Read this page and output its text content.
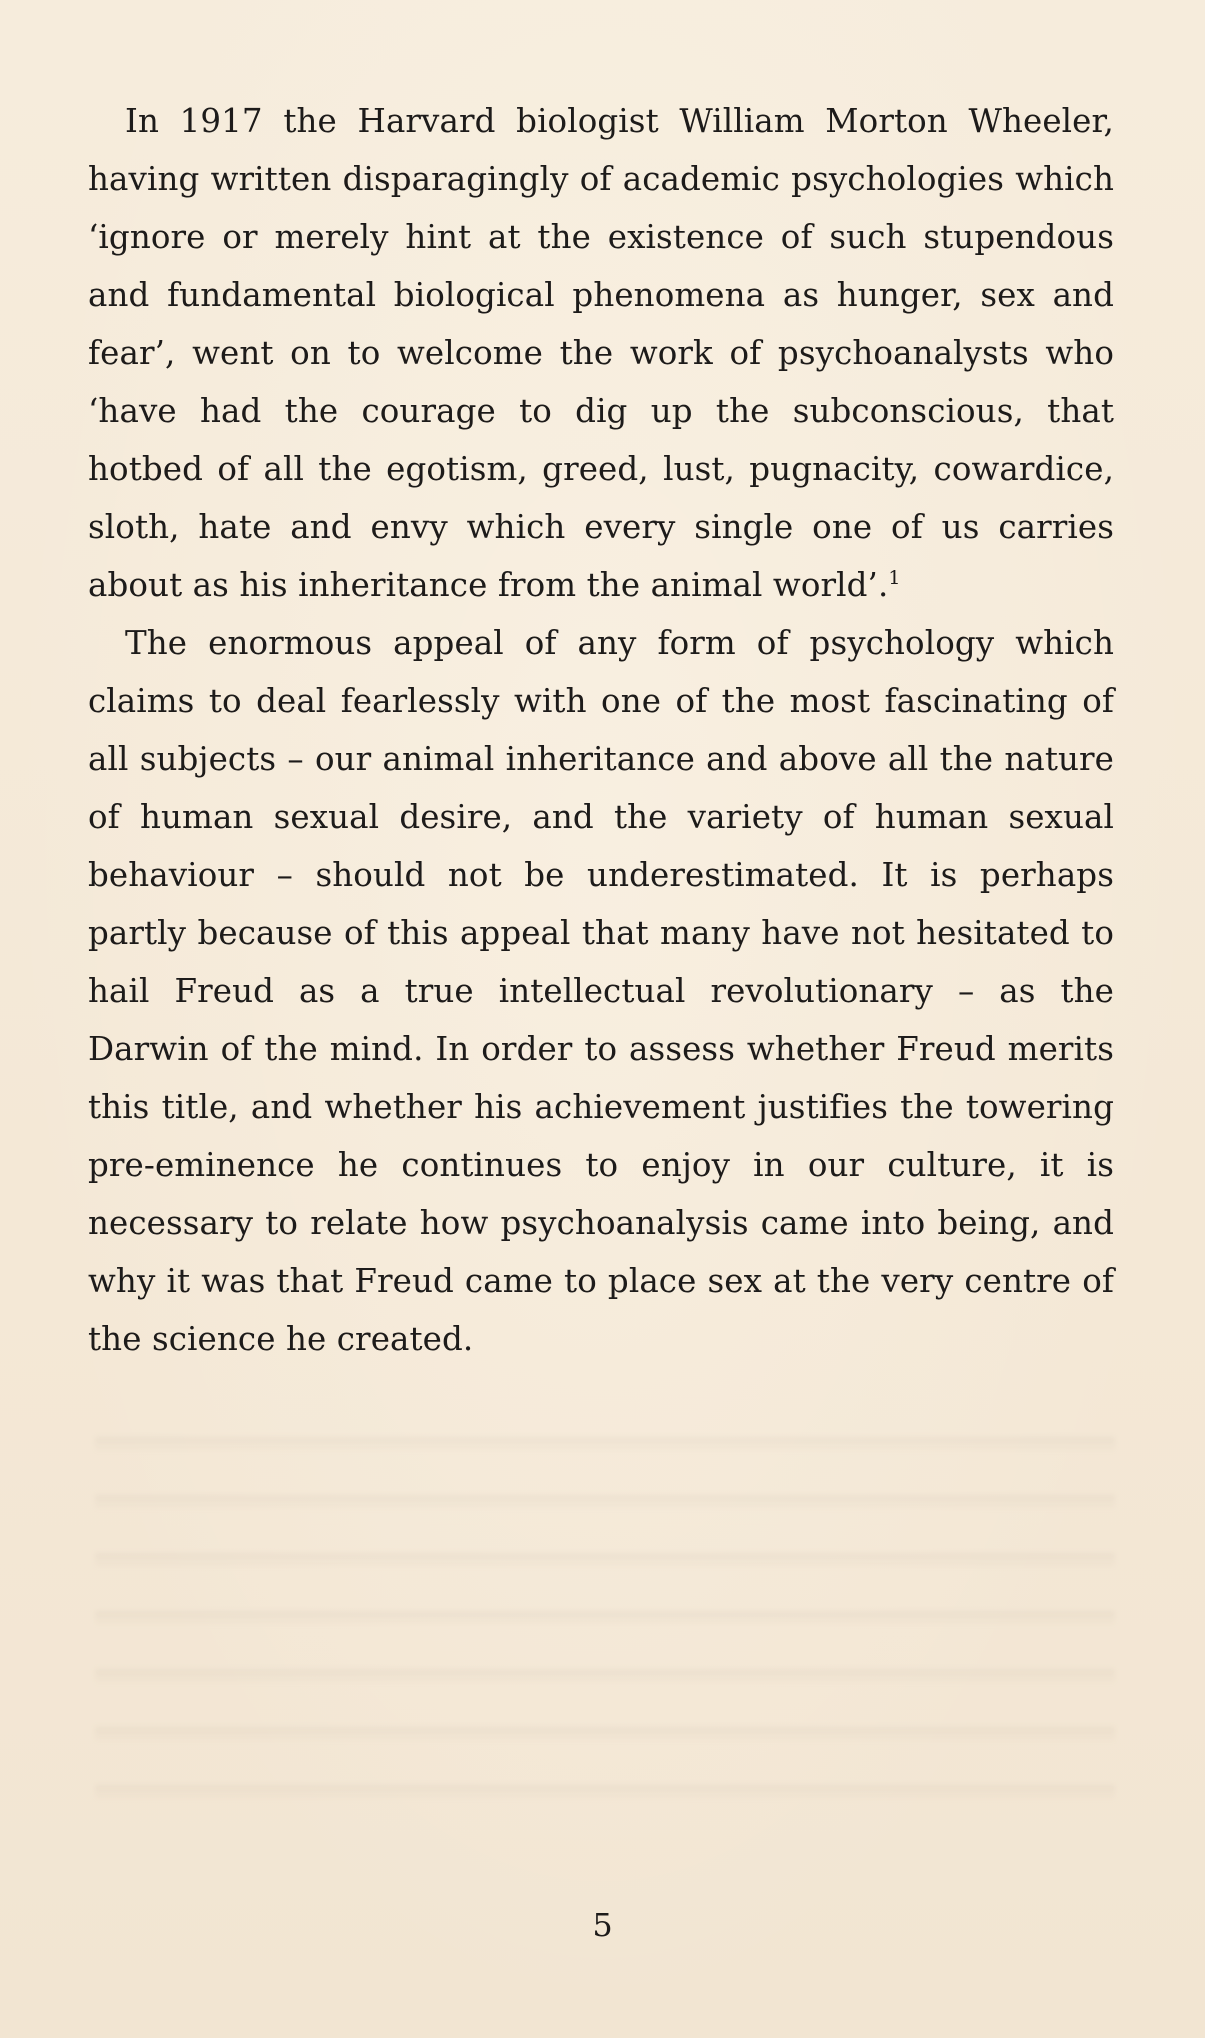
In 1917 the Harvard biologist William Morton Wheeler, having written disparagingly of academic psychologies which ‘ignore or merely hint at the existence of such stupendous and fundamental biological phenomena as hunger, sex and fear’, went on to welcome the work of psychoanalysts who ‘have had the courage to dig up the subconscious, that hotbed of all the egotism, greed, lust, pugnacity, cowardice, sloth, hate and envy which every single one of us carries about as his inheritance from the animal world’.$^1$

The enormous appeal of any form of psychology which claims to deal fearlessly with one of the most fascinating of all subjects – our animal inheritance and above all the nature of human sexual desire, and the variety of human sexual behaviour – should not be underestimated. It is perhaps partly because of this appeal that many have not hesitated to hail Freud as a true intellectual revolutionary – as the Darwin of the mind. In order to assess whether Freud merits this title, and whether his achievement justifies the towering pre-eminence he continues to enjoy in our culture, it is necessary to relate how psychoanalysis came into being, and why it was that Freud came to place sex at the very centre of the science he created.

5
